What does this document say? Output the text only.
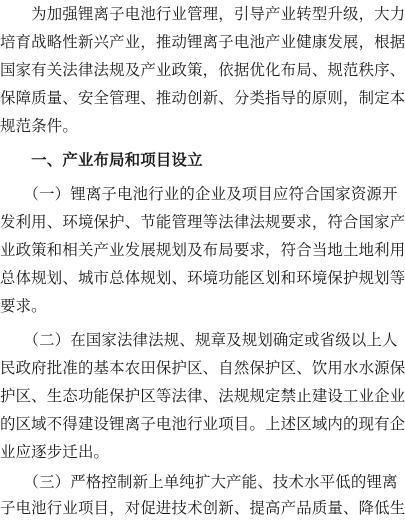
　　为加强锂离子电池行业管理，引导产业转型升级，大力
培育战略性新兴产业，推动锂离子电池产业健康发展，根据
国家有关法律法规及产业政策，依据优化布局、规范秩序、
保障质量、安全管理、推动创新、分类指导的原则，制定本
规范条件。
　　一、产业布局和项目设立
　　（一）锂离子电池行业的企业及项目应符合国家资源开
发利用、环境保护、节能管理等法律法规要求，符合国家产
业政策和相关产业发展规划及布局要求，符合当地土地利用
总体规划、城市总体规划、环境功能区划和环境保护规划等
要求。
　　（二）在国家法律法规、规章及规划确定或省级以上人
民政府批准的基本农田保护区、自然保护区、饮用水水源保
护区、生态功能保护区等法律、法规规定禁止建设工业企业
的区域不得建设锂离子电池行业项目。上述区域内的现有企
业应逐步迁出。
　　（三）严格控制新上单纯扩大产能、技术水平低的锂离
子电池行业项目，对促进技术创新、提高产品质量、降低生
